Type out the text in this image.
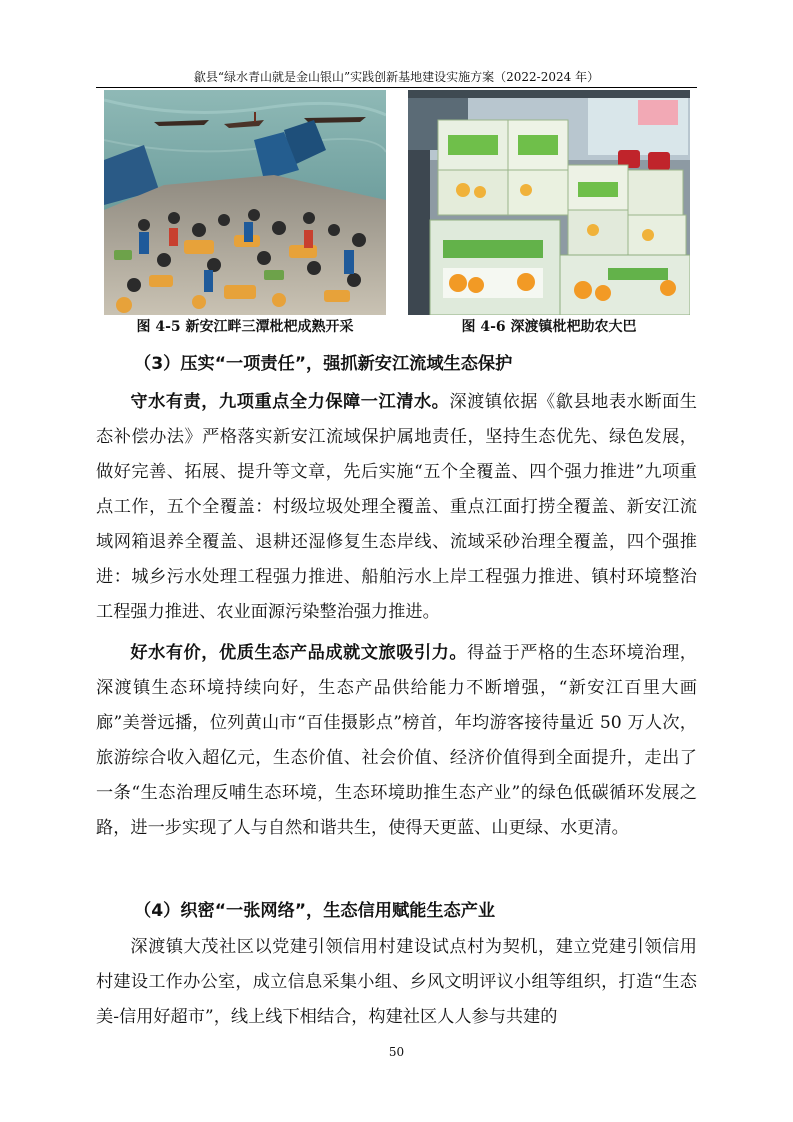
歙县“绿水青山就是金山银山”实践创新基地建设实施方案（2022-2024 年）
图 4-5 新安江畔三潭枇杷成熟开采	图 4-6 深渡镇枇杷助农大巴
（3）压实“一项责任”，强抓新安江流域生态保护

守水有责，九项重点全力保障一江清水。深渡镇依据《歙县地表水断面生态补偿办法》严格落实新安江流域保护属地责任，坚持生态优先、绿色发展，做好完善、拓展、提升等文章，先后实施“五个全覆盖、四个强力推进”九项重点工作，五个全覆盖：村级垃圾处理全覆盖、重点江面打捞全覆盖、新安江流域网箱退养全覆盖、退耕还湿修复生态岸线、流域采砂治理全覆盖，四个强推进：城乡污水处理工程强力推进、船舶污水上岸工程强力推进、镇村环境整治工程强力推进、农业面源污染整治强力推进。

好水有价，优质生态产品成就文旅吸引力。得益于严格的生态环境治理，深渡镇生态环境持续向好，生态产品供给能力不断增强，“新安江百里大画廊”美誉远播，位列黄山市“百佳摄影点”榜首，年均游客接待量近 50 万人次，旅游综合收入超亿元，生态价值、社会价值、经济价值得到全面提升，走出了一条“生态治理反哺生态环境，生态环境助推生态产业”的绿色低碳循环发展之路，进一步实现了人与自然和谐共生，使得天更蓝、山更绿、水更清。

（4）织密“一张网络”，生态信用赋能生态产业

深渡镇大茂社区以党建引领信用村建设试点村为契机，建立党建引领信用村建设工作办公室，成立信息采集小组、乡风文明评议小组等组织，打造“生态美-信用好超市”，线上线下相结合，构建社区人人参与共建的

50
